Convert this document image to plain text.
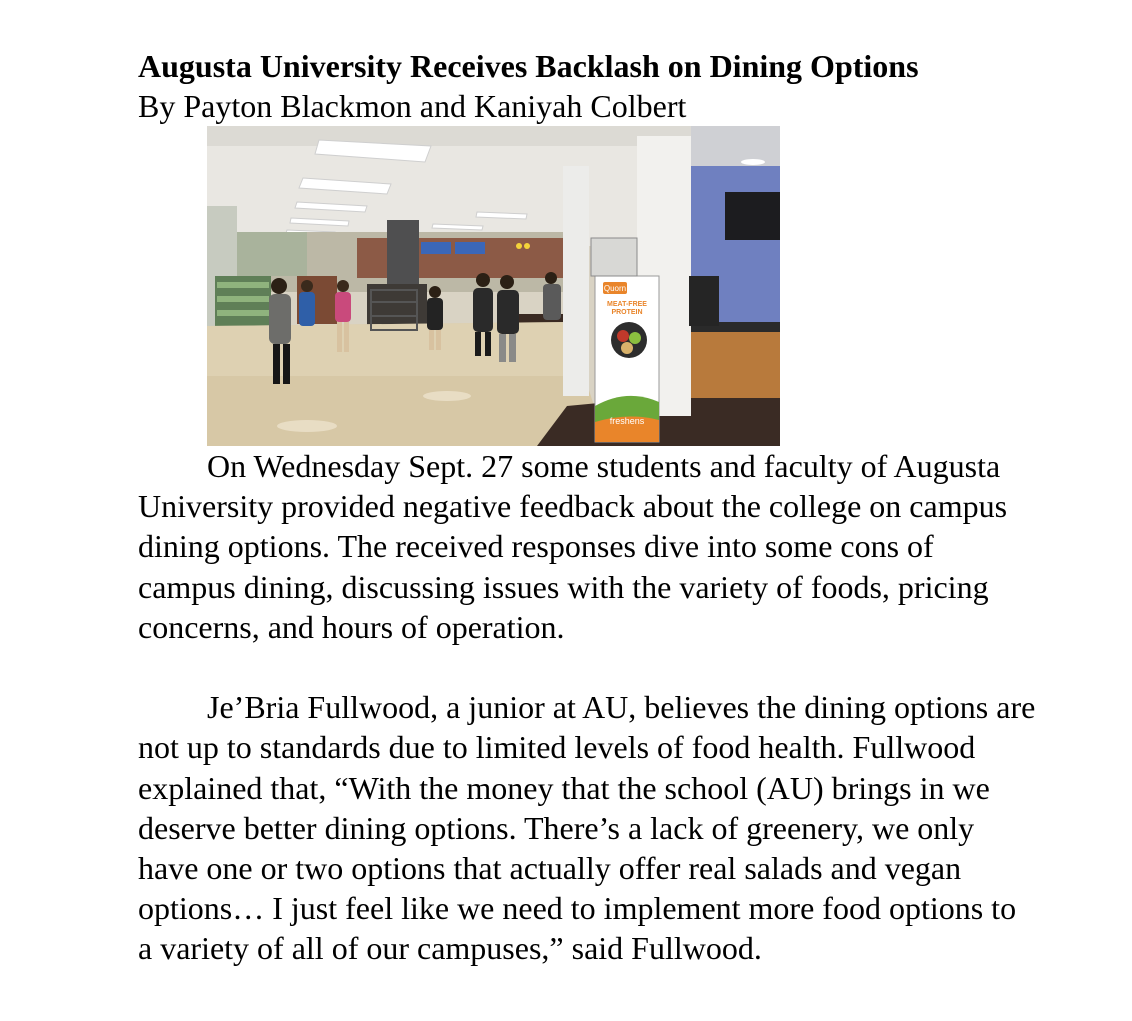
Augusta University Receives Backlash on Dining Options

By Payton Blackmon and Kaniyah Colbert

Quorn
MEAT-FREE
PROTEIN
freshens

On Wednesday Sept. 27 some students and faculty of Augusta University provided negative feedback about the college on campus dining options. The received responses dive into some cons of campus dining, discussing issues with the variety of foods, pricing concerns, and hours of operation.

Je’Bria Fullwood, a junior at AU, believes the dining options are not up to standards due to limited levels of food health. Fullwood explained that, “With the money that the school (AU) brings in we deserve better dining options. There’s a lack of greenery, we only have one or two options that actually offer real salads and vegan options… I just feel like we need to implement more food options to a variety of all of our campuses,” said Fullwood.
